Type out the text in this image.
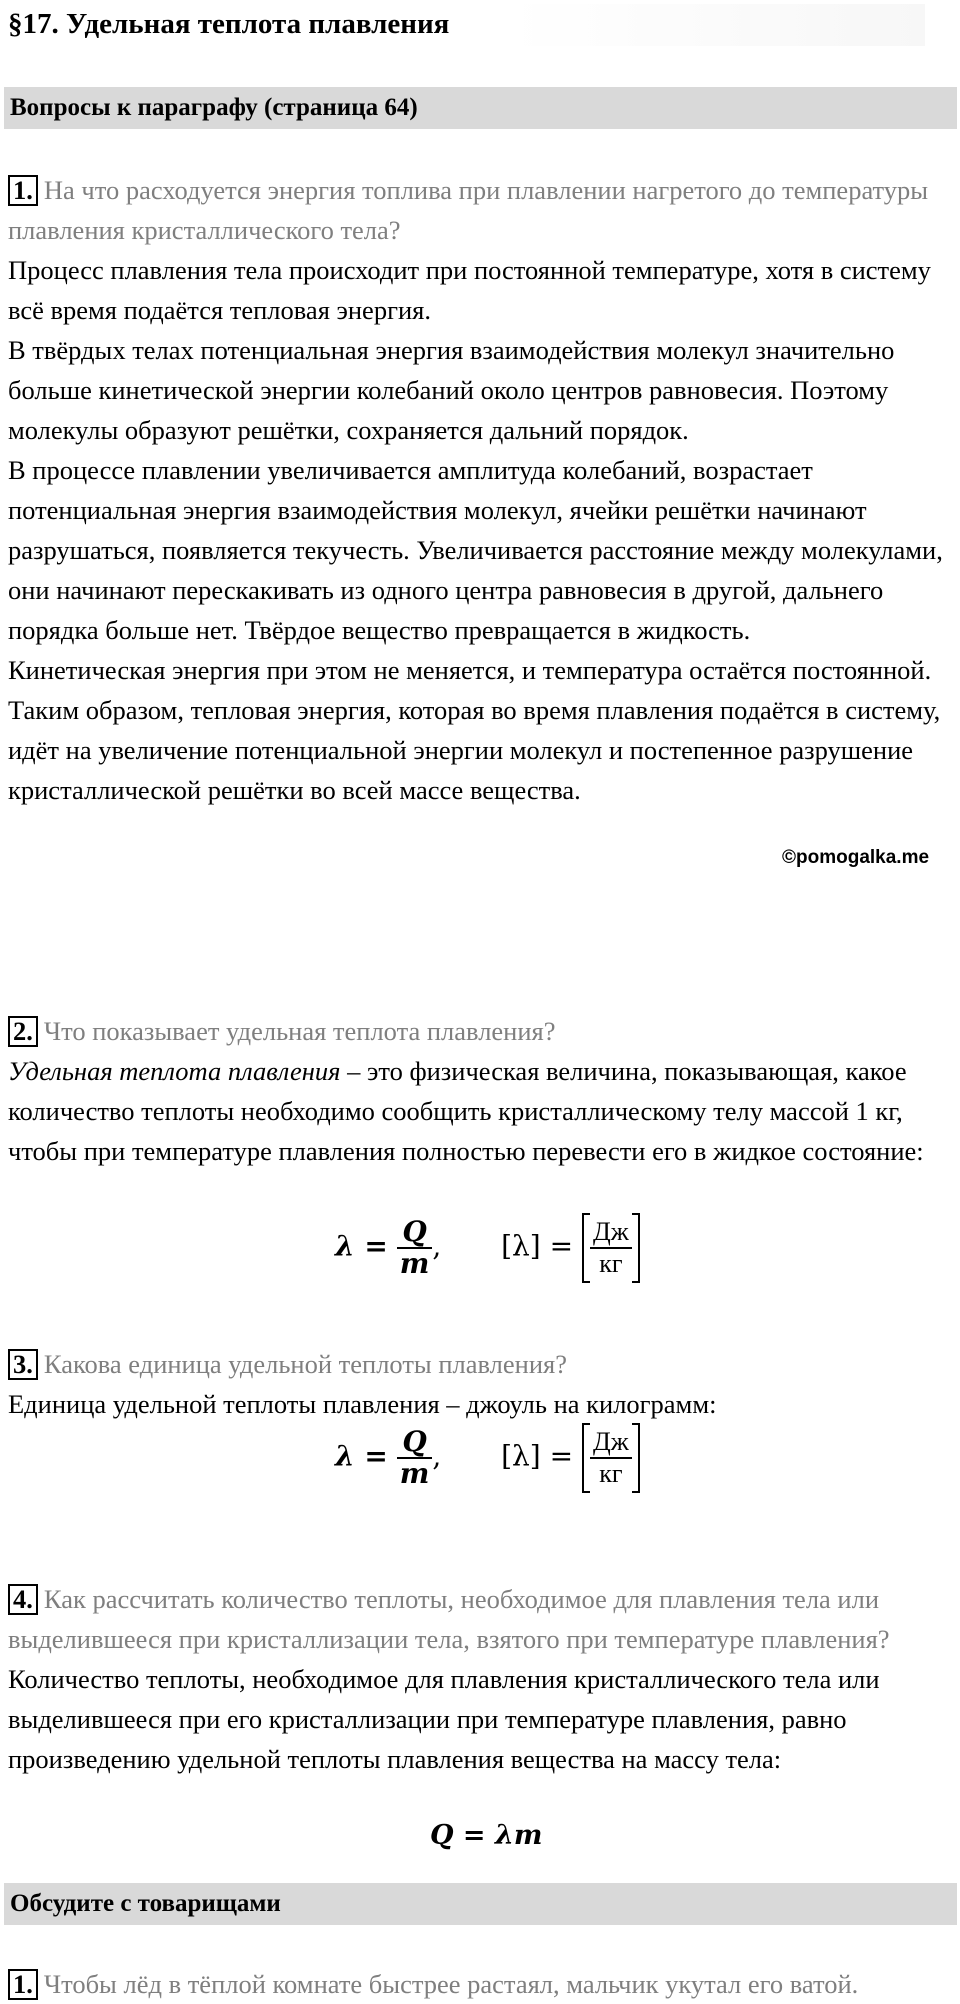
§17. Удельная теплота плавления
Вопросы к параграфу (страница 64)
1. На что расходуется энергия топлива при плавлении нагретого до температуры плавления кристаллического тела?
Процесс плавления тела происходит при постоянной температуре, хотя в систему всё время подаётся тепловая энергия.
В твёрдых телах потенциальная энергия взаимодействия молекул значительно больше кинетической энергии колебаний около центров равновесия. Поэтому молекулы образуют решётки, сохраняется дальний порядок.
В процессе плавлении увеличивается амплитуда колебаний, возрастает потенциальная энергия взаимодействия молекул, ячейки решётки начинают разрушаться, появляется текучесть. Увеличивается расстояние между молекулами, они начинают перескакивать из одного центра равновесия в другой, дальнего порядка больше нет. Твёрдое вещество превращается в жидкость.
Кинетическая энергия при этом не меняется, и температура остаётся постоянной.
Таким образом, тепловая энергия, которая во время плавления подаётся в систему, идёт на увеличение потенциальной энергии молекул и постепенное разрушение кристаллической решётки во всей массе вещества.
©pomogalka.me
2. Что показывает удельная теплота плавления?
Удельная теплота плавления – это физическая величина, показывающая, какое количество теплоты необходимо сообщить кристаллическому телу массой 1 кг, чтобы при температуре плавления полностью перевести его в жидкое состояние:
$\lambda = \frac{Q}{m}$ , $[\lambda] = \frac{Дж}{кг}$
3. Какова единица удельной теплоты плавления?
Единица удельной теплоты плавления – джоуль на килограмм:
$\lambda = \frac{Q}{m}$ , $[\lambda] = \frac{Дж}{кг}$
4. Как рассчитать количество теплоты, необходимое для плавления тела или выделившееся при кристаллизации тела, взятого при температуре плавления?
Количество теплоты, необходимое для плавления кристаллического тела или выделившееся при его кристаллизации при температуре плавления, равно произведению удельной теплоты плавления вещества на массу тела:
Q = λm
Обсудите с товарищами
1. Чтобы лёд в тёплой комнате быстрее растаял, мальчик укутал его ватой.
